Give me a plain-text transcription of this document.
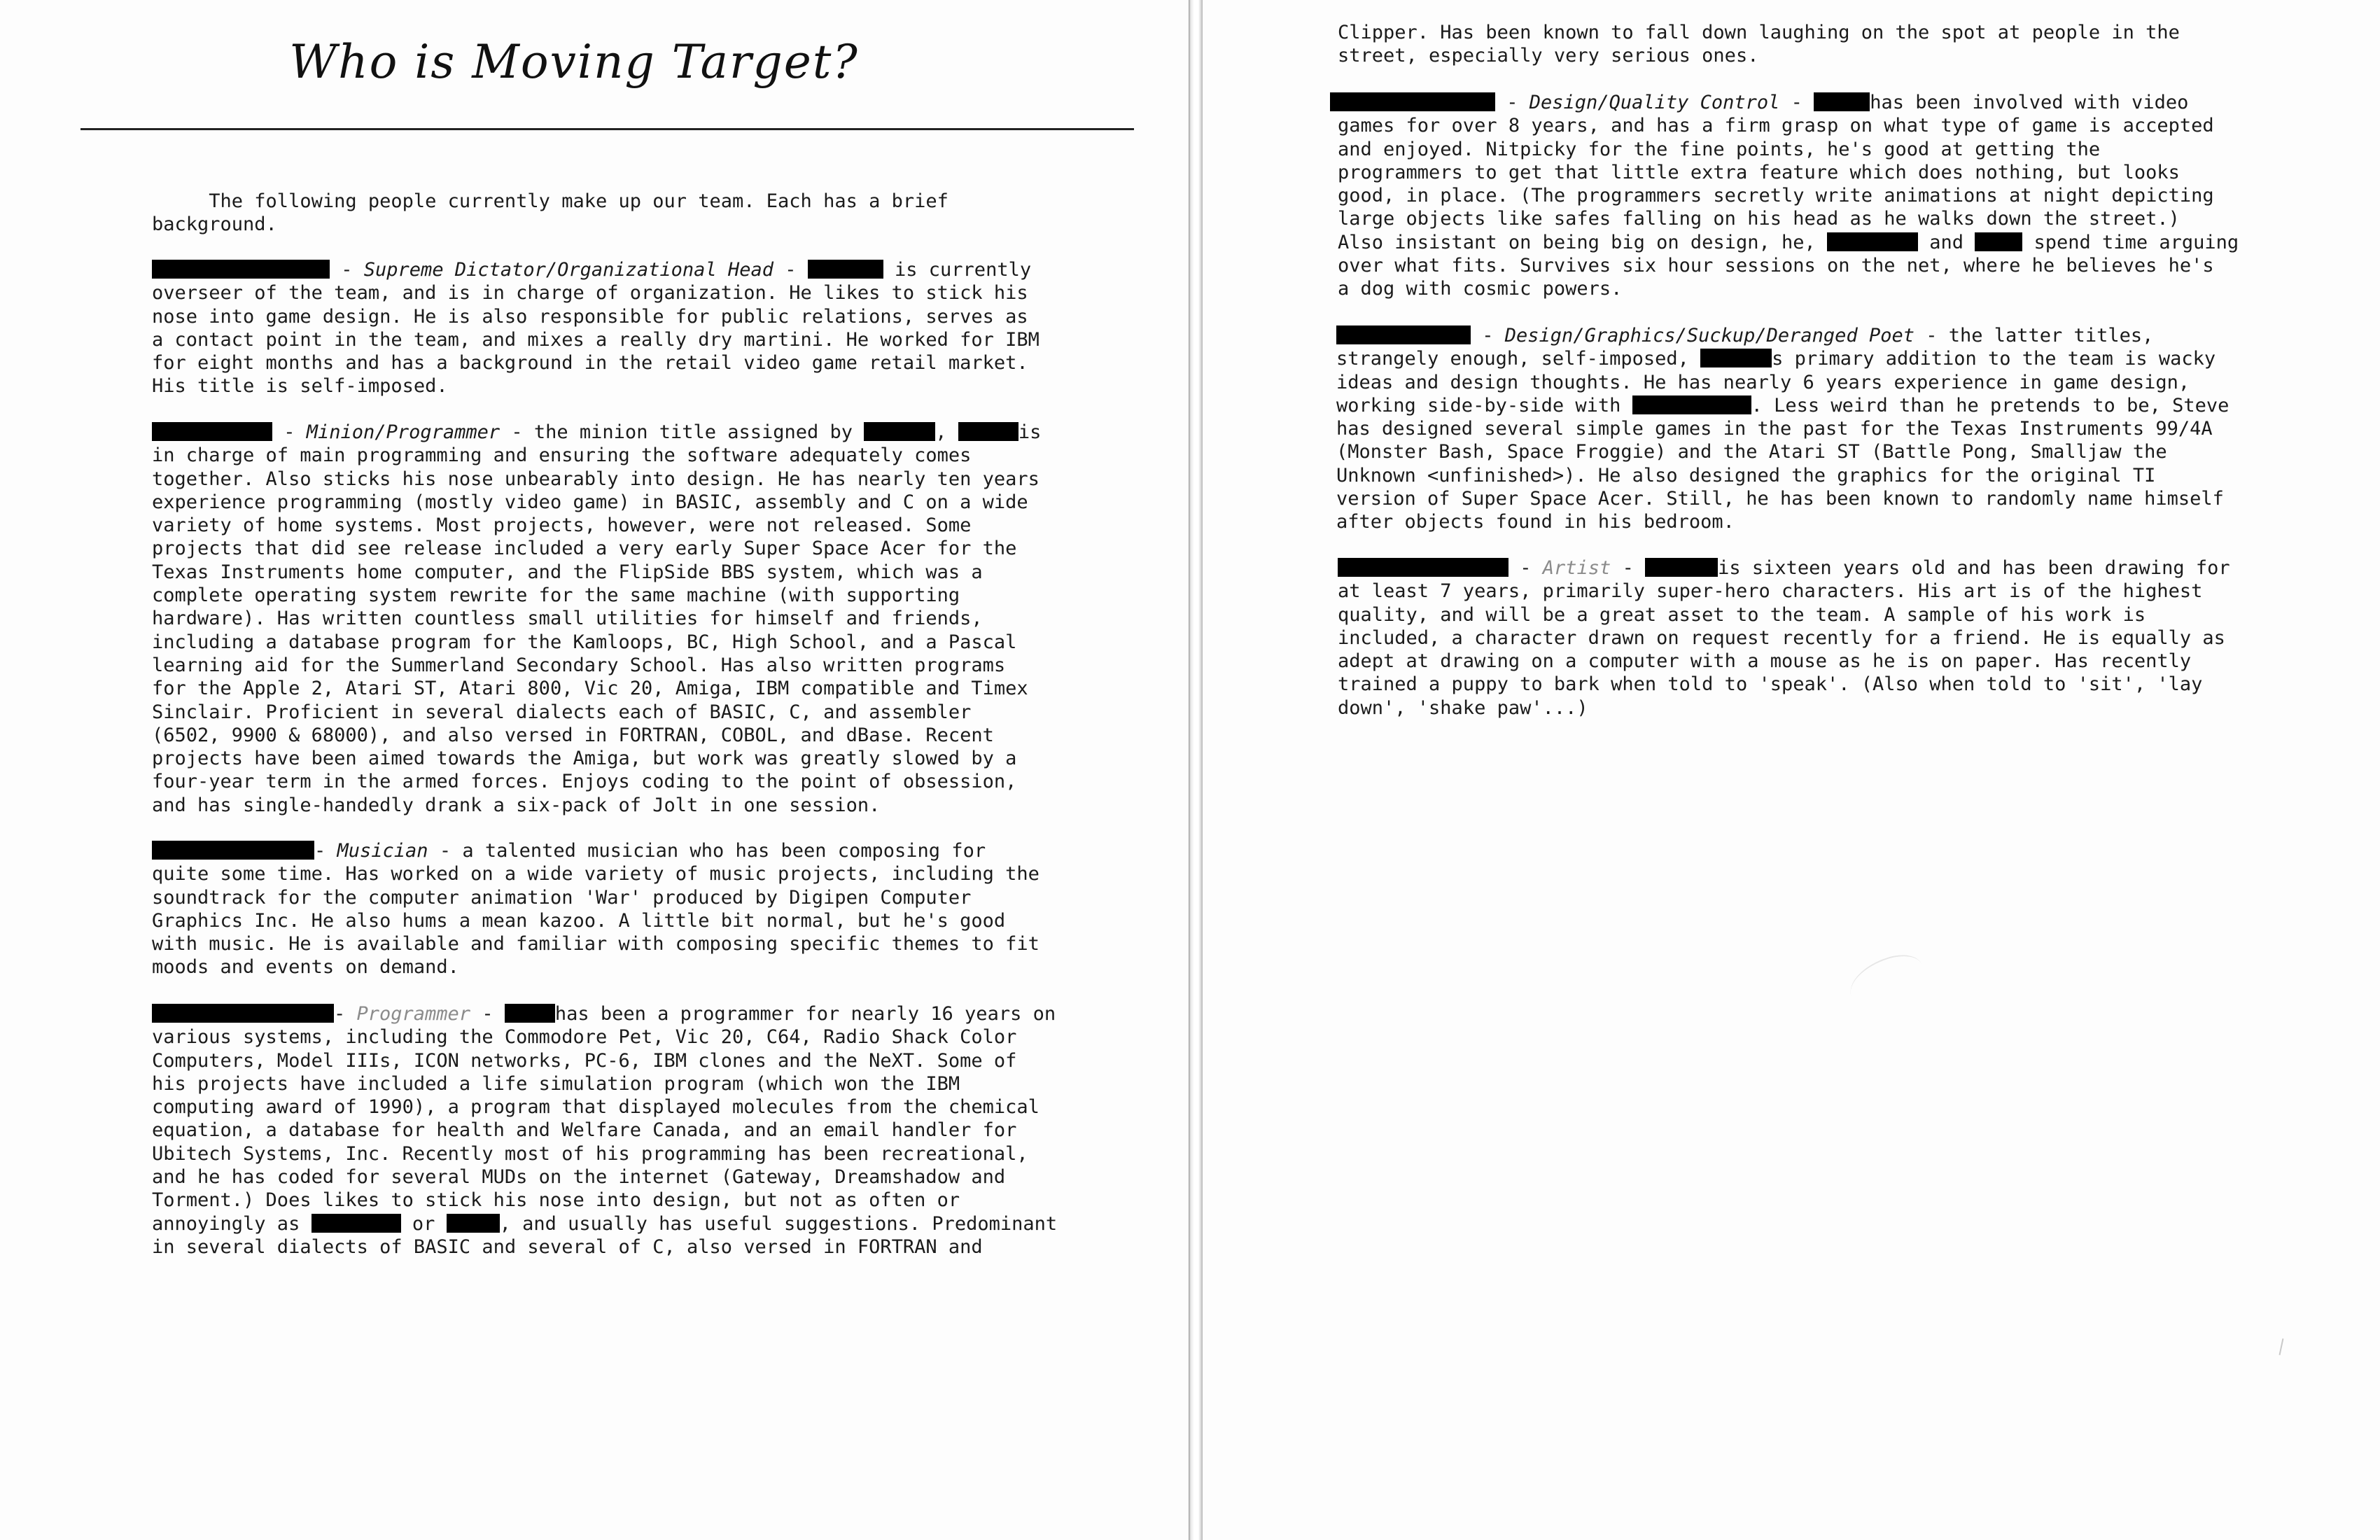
Who is Moving Target?
The following people currently make up our team. Each has a brief
background.
- Supreme Dictator/Organizational Head -	is currently
overseer of the team, and is in charge of organization. He likes to stick his
nose into game design. He is also responsible for public relations, serves as
a contact point in the team, and mixes a really dry martini. He worked for IBM
for eight months and has a background in the retail video game retail market.
His title is self-imposed.
- Minion/Programmer - the minion title assigned by	,	is
in charge of main programming and ensuring the software adequately comes
together. Also sticks his nose unbearably into design. He has nearly ten years
experience programming (mostly video game) in BASIC, assembly and C on a wide
variety of home systems. Most projects, however, were not released. Some
projects that did see release included a very early Super Space Acer for the
Texas Instruments home computer, and the FlipSide BBS system, which was a
complete operating system rewrite for the same machine (with supporting
hardware). Has written countless small utilities for himself and friends,
including a database program for the Kamloops, BC, High School, and a Pascal
learning aid for the Summerland Secondary School. Has also written programs
for the Apple 2, Atari ST, Atari 800, Vic 20, Amiga, IBM compatible and Timex
Sinclair. Proficient in several dialects each of BASIC, C, and assembler
(6502, 9900 & 68000), and also versed in FORTRAN, COBOL, and dBase. Recent
projects have been aimed towards the Amiga, but work was greatly slowed by a
four-year term in the armed forces. Enjoys coding to the point of obsession,
and has single-handedly drank a six-pack of Jolt in one session.
- Musician - a talented musician who has been composing for
quite some time. Has worked on a wide variety of music projects, including the
soundtrack for the computer animation 'War' produced by Digipen Computer
Graphics Inc. He also hums a mean kazoo. A little bit normal, but he's good
with music. He is available and familiar with composing specific themes to fit
moods and events on demand.
- Programmer -	has been a programmer for nearly 16 years on
various systems, including the Commodore Pet, Vic 20, C64, Radio Shack Color
Computers, Model IIIs, ICON networks, PC-6, IBM clones and the NeXT. Some of
his projects have included a life simulation program (which won the IBM
computing award of 1990), a program that displayed molecules from the chemical
equation, a database for health and Welfare Canada, and an email handler for
Ubitech Systems, Inc. Recently most of his programming has been recreational,
and he has coded for several MUDs on the internet (Gateway, Dreamshadow and
Torment.) Does likes to stick his nose into design, but not as often or
annoyingly as	or	, and usually has useful suggestions. Predominant
in several dialects of BASIC and several of C, also versed in FORTRAN and
Clipper. Has been known to fall down laughing on the spot at people in the
street, especially very serious ones.
- Design/Quality Control -	has been involved with video
games for over 8 years, and has a firm grasp on what type of game is accepted
and enjoyed. Nitpicky for the fine points, he's good at getting the
programmers to get that little extra feature which does nothing, but looks
good, in place. (The programmers secretly write animations at night depicting
large objects like safes falling on his head as he walks down the street.)
Also insistant on being big on design, he,	and	spend time arguing
over what fits. Survives six hour sessions on the net, where he believes he's
a dog with cosmic powers.
- Design/Graphics/Suckup/Deranged Poet - the latter titles,
strangely enough, self-imposed,	s primary addition to the team is wacky
ideas and design thoughts. He has nearly 6 years experience in game design,
working side-by-side with	. Less weird than he pretends to be, Steve
has designed several simple games in the past for the Texas Instruments 99/4A
(Monster Bash, Space Froggie) and the Atari ST (Battle Pong, Smalljaw the
Unknown <unfinished>). He also designed the graphics for the original TI
version of Super Space Acer. Still, he has been known to randomly name himself
after objects found in his bedroom.
- Artist -	is sixteen years old and has been drawing for
at least 7 years, primarily super-hero characters. His art is of the highest
quality, and will be a great asset to the team. A sample of his work is
included, a character drawn on request recently for a friend. He is equally as
adept at drawing on a computer with a mouse as he is on paper. Has recently
trained a puppy to bark when told to 'speak'. (Also when told to 'sit', 'lay
down', 'shake paw'...)
